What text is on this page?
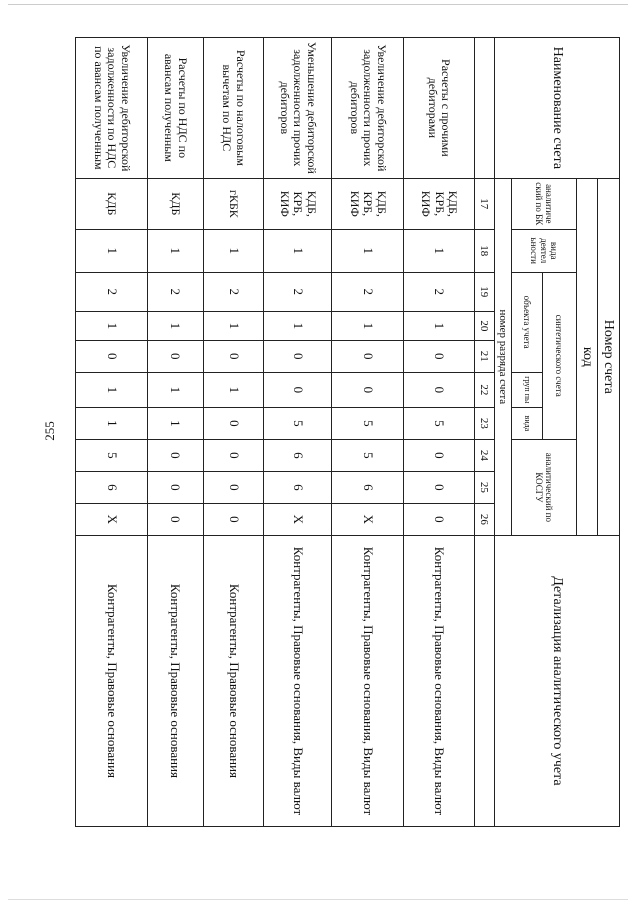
255
Наименование счета	Номер счета										Детализация аналитического учета
	код										
	аналитиче ский по БК	вида деятел ьности	синтетического счета					аналитический по КОСГУ			
			объекта учета			груп пы	вида				
	номер разряда счета										
	17	18	19	20	21	22	23	24	25	26	
Расчеты с прочими дебиторами	КДБ, КРБ, КИФ	1	2	1	0	0	5	0	0	0	Контрагенты, Правовые основания, Виды валют
Увеличение дебиторской задолженности прочих дебиторов	КДБ, КРБ, КИФ	1	2	1	0	0	5	5	6	X	Контрагенты, Правовые основания, Виды валют
Уменьшение дебиторской задолженности прочих дебиторов	КДБ, КРБ, КИФ	1	2	1	0	0	5	6	6	X	Контрагенты, Правовые основания, Виды валют
Расчеты по налоговым вычетам по НДС	гКБК	1	2	1	0	1	0	0	0	0	Контрагенты, Правовые основания
Расчеты по НДС по авансам полученным	КДБ	1	2	1	0	1	1	0	0	0	Контрагенты, Правовые основания
Увеличение дебиторской задолженности по НДС по авансам полученным	КДБ	1	2	1	0	1	1	5	6	X	Контрагенты, Правовые основания
